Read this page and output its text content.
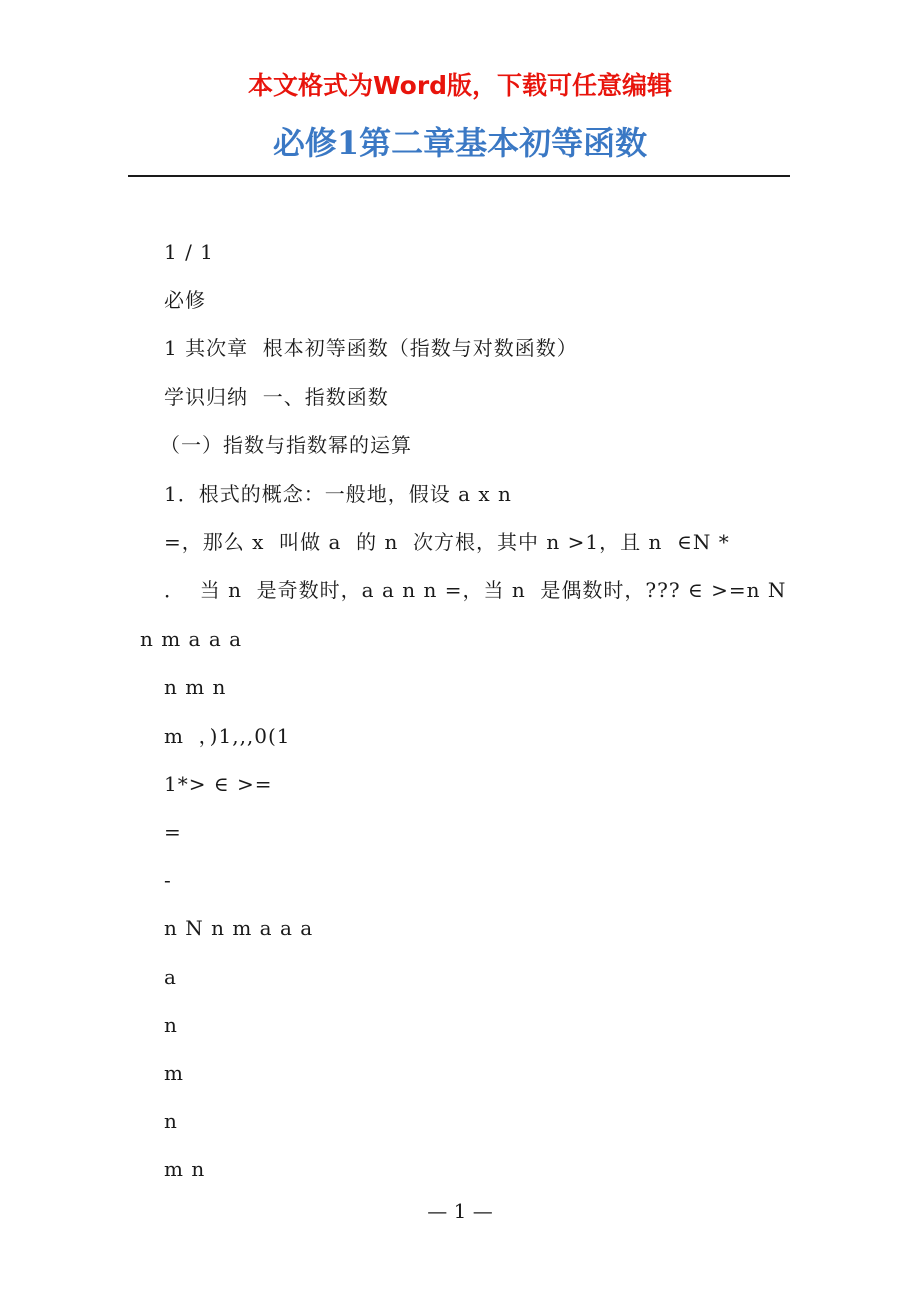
本文格式为Word版，下载可任意编辑
必修1第二章基本初等函数
1 / 1
必修
1 其次章  根本初等函数（指数与对数函数）
学识归纳  一、指数函数
（一）指数与指数幂的运算
1．根式的概念：一般地，假设 a x n
=，那么 x  叫做 a  的 n  次方根，其中 n >1，且 n  ∈N *
．  当 n  是奇数时，a a n n =，当 n  是偶数时，??? ∈ >=n N
n m a a a
n m n
m  ，)1,,,0(1
1*> ∈ >=
=
-
n N n m a a a
a
n
m
n
m n
— 1 —
